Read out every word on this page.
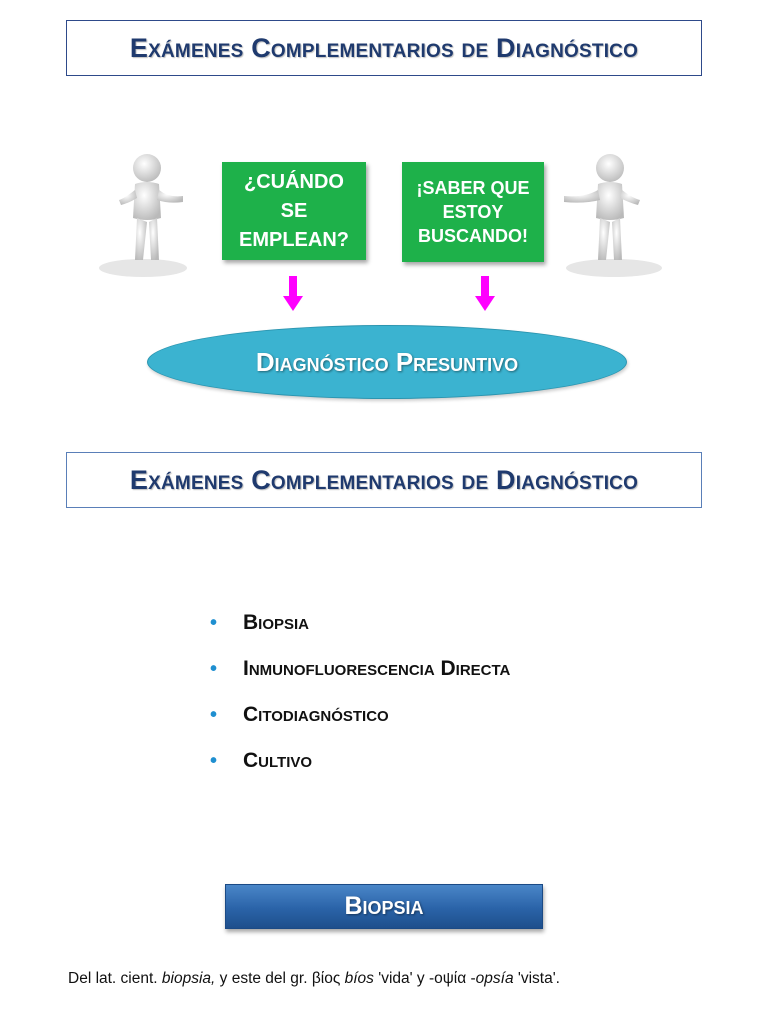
Exámenes Complementarios de Diagnóstico
¿CUÁNDO SE EMPLEAN?
¡SABER QUE ESTOY BUSCANDO!
Diagnóstico Presuntivo
Exámenes Complementarios de Diagnóstico
•	Biopsia
•	Inmunofluorescencia Directa
•	Citodiagnóstico
•	Cultivo
Biopsia
Del lat. cient. biopsia, y este del gr. βίος bíos 'vida' y -οψία -opsía 'vista'.
